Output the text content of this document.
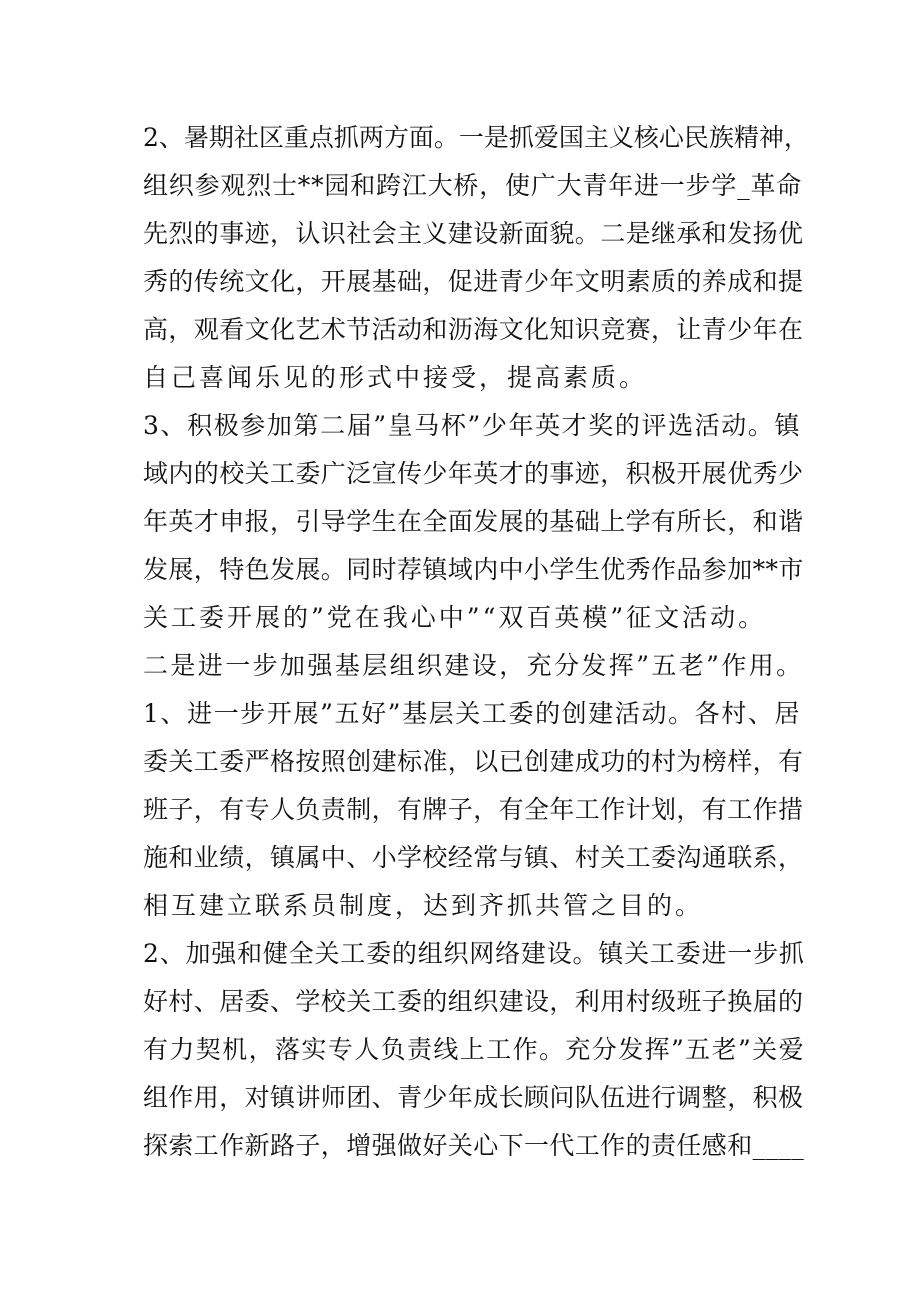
2、暑期社区重点抓两方面。一是抓爱国主义核心民族精神，
组织参观烈士**园和跨江大桥，使广大青年进一步学_革命
先烈的事迹，认识社会主义建设新面貌。二是继承和发扬优
秀的传统文化，开展基础，促进青少年文明素质的养成和提
高，观看文化艺术节活动和沥海文化知识竞赛，让青少年在
自己喜闻乐见的形式中接受，提高素质。
3、积极参加第二届”皇马杯”少年英才奖的评选活动。镇
域内的校关工委广泛宣传少年英才的事迹，积极开展优秀少
年英才申报，引导学生在全面发展的基础上学有所长，和谐
发展，特色发展。同时荐镇域内中小学生优秀作品参加**市
关工委开展的”党在我心中”“双百英模”征文活动。
二是进一步加强基层组织建设，充分发挥”五老”作用。
1、进一步开展”五好”基层关工委的创建活动。各村、居
委关工委严格按照创建标准，以已创建成功的村为榜样，有
班子，有专人负责制，有牌子，有全年工作计划，有工作措
施和业绩，镇属中、小学校经常与镇、村关工委沟通联系，
相互建立联系员制度，达到齐抓共管之目的。
2、加强和健全关工委的组织网络建设。镇关工委进一步抓
好村、居委、学校关工委的组织建设，利用村级班子换届的
有力契机，落实专人负责线上工作。充分发挥”五老”关爱
组作用，对镇讲师团、青少年成长顾问队伍进行调整，积极
探索工作新路子，增强做好关心下一代工作的责任感和____
